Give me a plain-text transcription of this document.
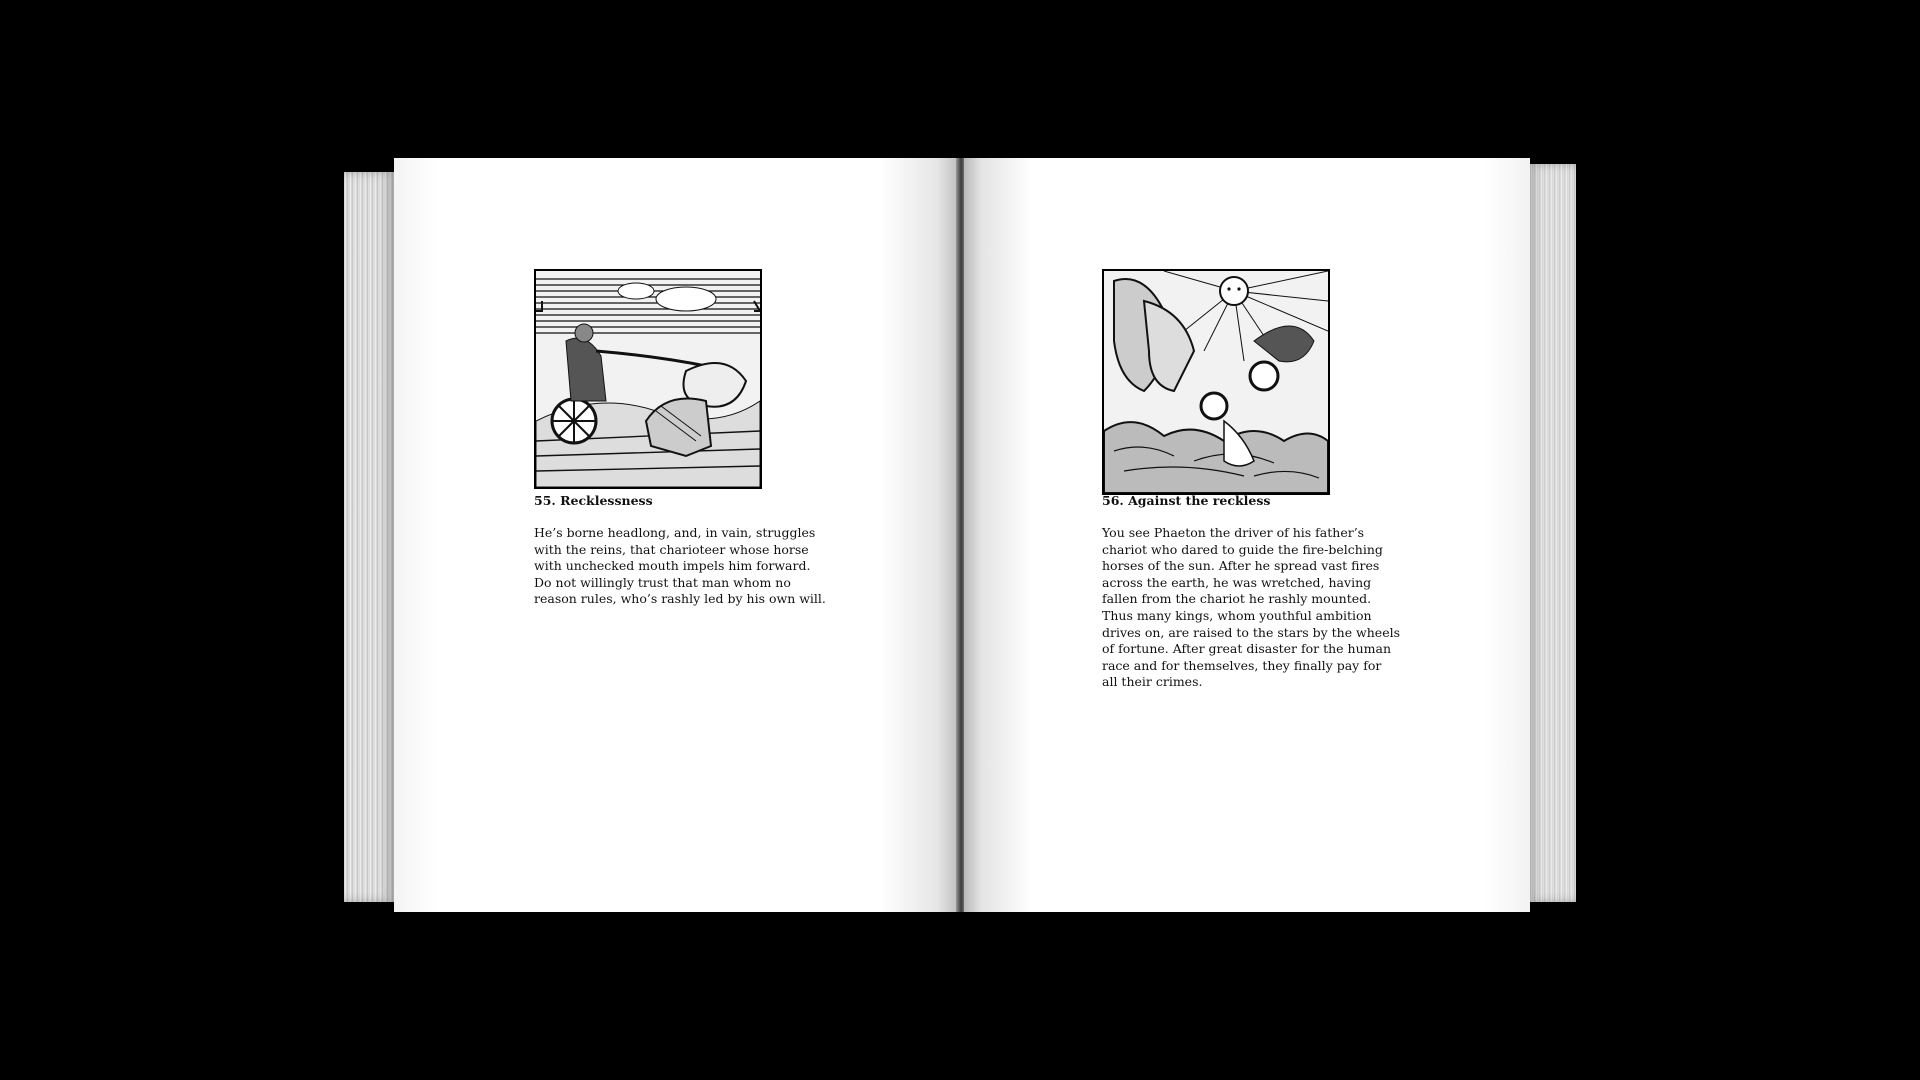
55. Recklessness
He’s borne headlong, and, in vain, struggles
with the reins, that charioteer whose horse
with unchecked mouth impels him forward.
Do not willingly trust that man whom no
reason rules, who’s rashly led by his own will.
56. Against the reckless
You see Phaeton the driver of his father’s
chariot who dared to guide the fire-belching
horses of the sun. After he spread vast fires
across the earth, he was wretched, having
fallen from the chariot he rashly mounted.
Thus many kings, whom youthful ambition
drives on, are raised to the stars by the wheels
of fortune. After great disaster for the human
race and for themselves, they finally pay for
all their crimes.
